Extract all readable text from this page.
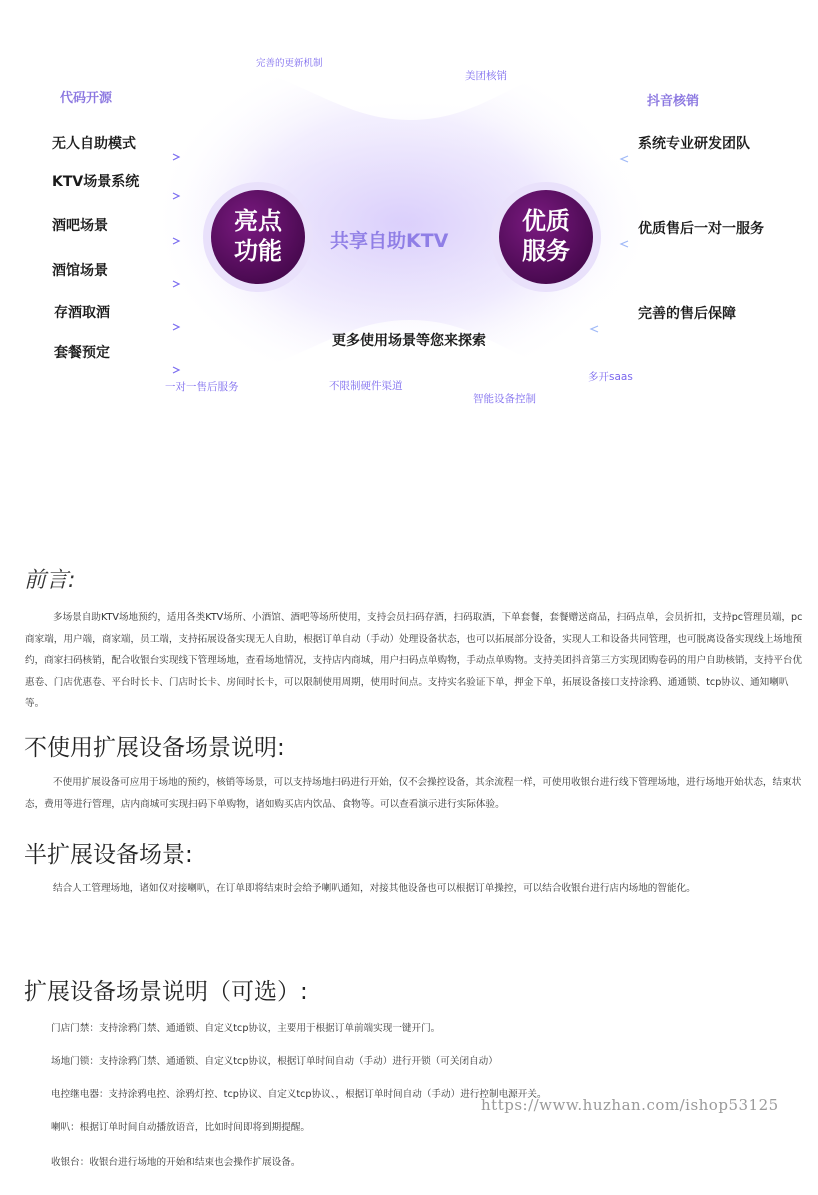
代码开源	抖音核销
完善的更新机制
美团核销
一对一售后服务	不限制硬件渠道
智能设备控制
多开saas
无人自助模式
KTV场景系统
酒吧场景
酒馆场景
存酒取酒
套餐预定
系统专业研发团队
优质售后一对一服务
完善的售后保障
亮点
功能
优质
服务
共享自助KTV
更多使用场景等您来探索
前言:
多场景自助KTV场地预约，适用各类KTV场所、小酒馆、酒吧等场所使用，支持会员扫码存酒，扫码取酒，下单套餐，套餐赠送商品，扫码点单，会员折扣，支持pc管理员端，pc商家端，用户端，商家端，员工端，支持拓展设备实现无人自助，根据订单自动（手动）处理设备状态，也可以拓展部分设备，实现人工和设备共同管理，也可脱离设备实现线上场地预约，商家扫码核销，配合收银台实现线下管理场地，查看场地情况，支持店内商城，用户扫码点单购物，手动点单购物。支持美团抖音第三方实现团购卷码的用户自助核销，支持平台优惠卷、门店优惠卷、平台时长卡、门店时长卡、房间时长卡，可以限制使用周期，使用时间点。支持实名验证下单，押金下单，拓展设备接口支持涂鸦、通通锁、tcp协议、通知喇叭等。
不使用扩展设备场景说明:
不使用扩展设备可应用于场地的预约，核销等场景，可以支持场地扫码进行开始，仅不会操控设备，其余流程一样，可使用收银台进行线下管理场地，进行场地开始状态，结束状态，费用等进行管理，店内商城可实现扫码下单购物，诸如购买店内饮品、食物等。可以查看演示进行实际体验。
半扩展设备场景:
结合人工管理场地，诸如仅对接喇叭，在订单即将结束时会给予喇叭通知，对接其他设备也可以根据订单操控，可以结合收银台进行店内场地的智能化。
扩展设备场景说明（可选）:
门店门禁：支持涂鸦门禁、通通锁、自定义tcp协议，主要用于根据订单前端实现一键开门。
场地门锁：支持涂鸦门禁、通通锁、自定义tcp协议，根据订单时间自动（手动）进行开锁（可关闭自动）
电控继电器：支持涂鸦电控、涂鸦灯控、tcp协议、自定义tcp协议、，根据订单时间自动（手动）进行控制电源开关。
喇叭：根据订单时间自动播放语音，比如时间即将到期提醒。
收银台：收银台进行场地的开始和结束也会操作扩展设备。
https://www.huzhan.com/ishop53125
